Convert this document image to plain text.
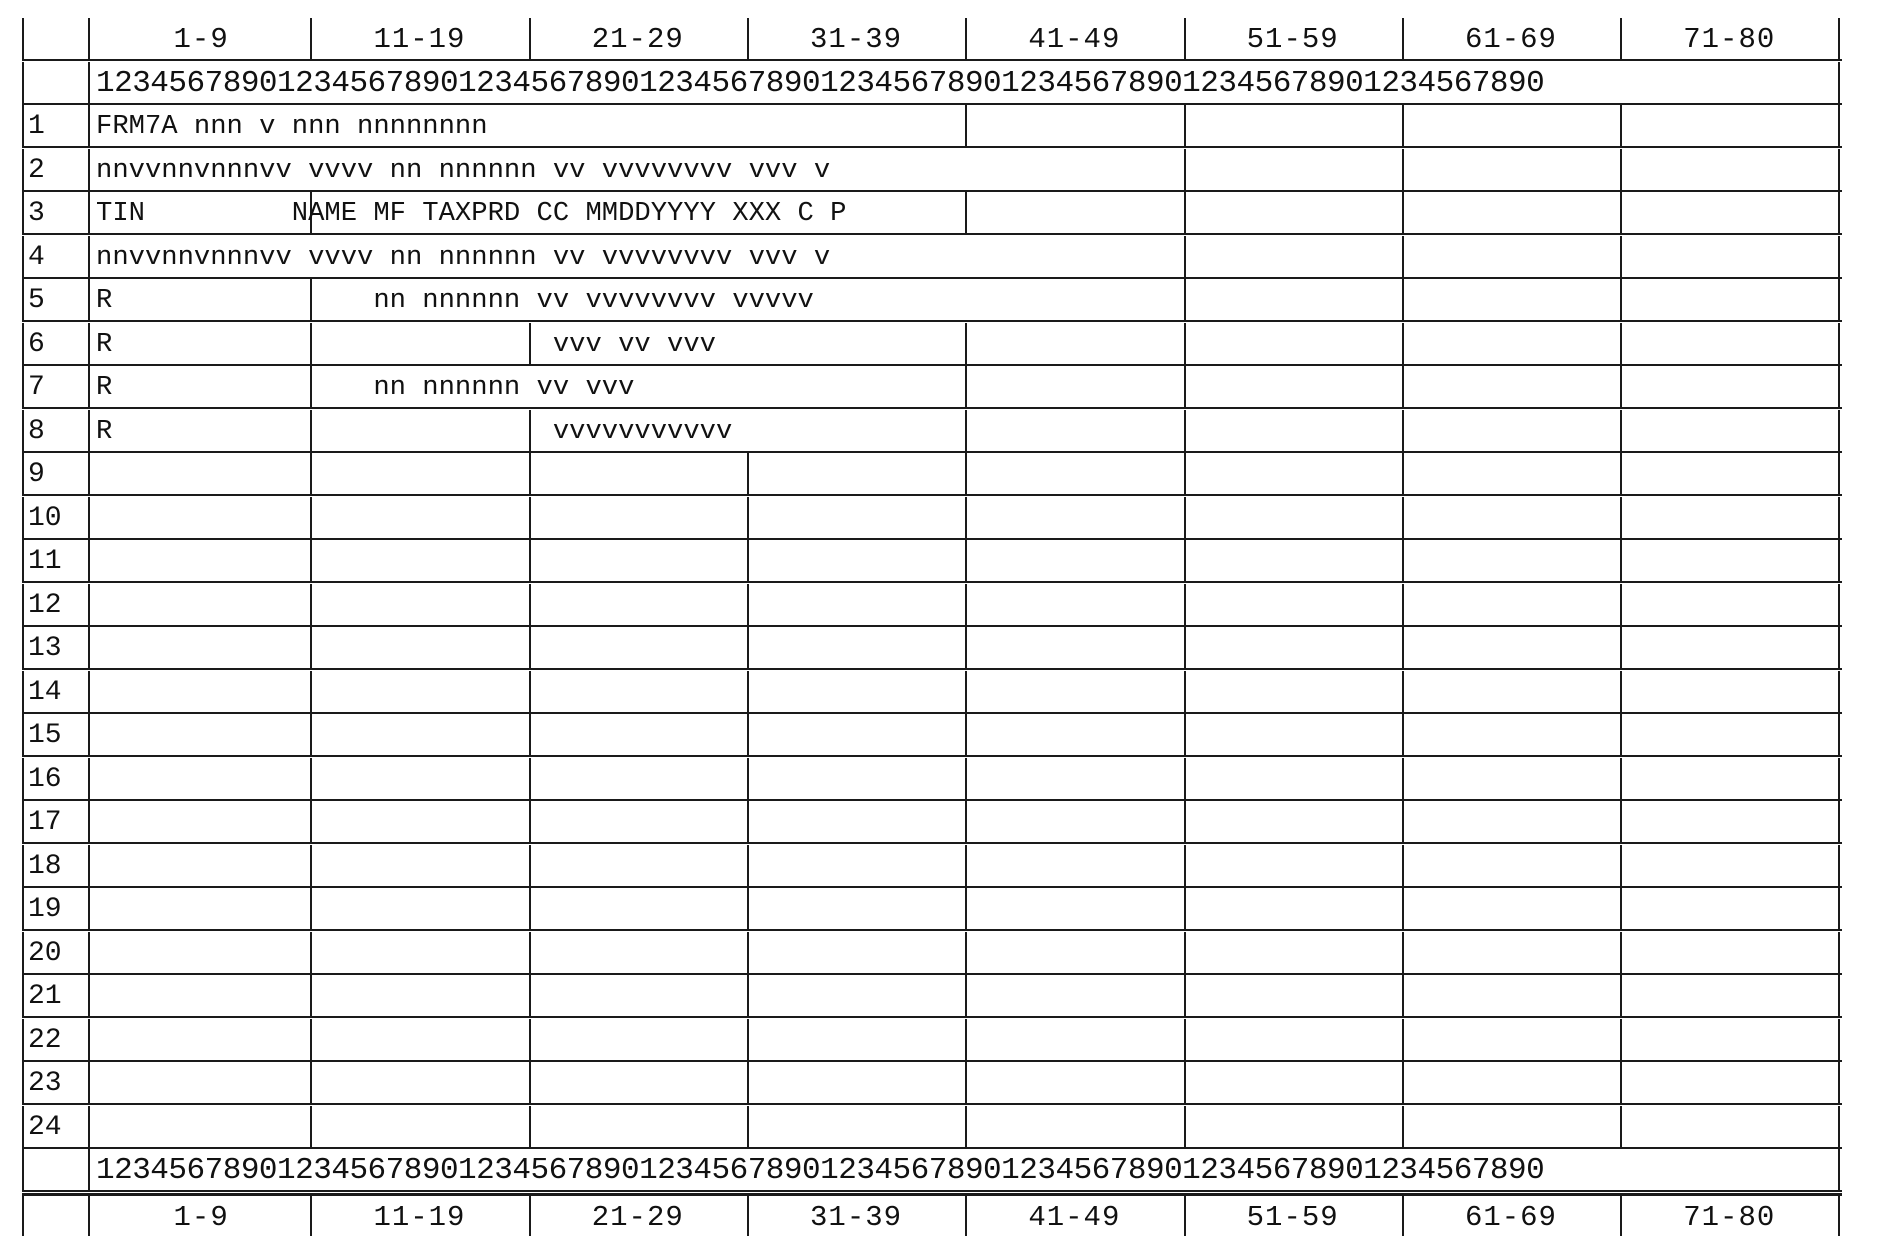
1-9	11-19	21-29	31-39	41-49	51-59	61-69	71-80
12345678901234567890123456789012345678901234567890123456789012345678901234567890
1	FRM7A nnn v nnn nnnnnnnn
2	nnvvnnvnnnvv vvvv nn nnnnnn vv vvvvvvvv vvv v
3	TIN         NAME MF TAXPRD CC MMDDYYYY XXX C P
4	nnvvnnvnnnvv vvvv nn nnnnnn vv vvvvvvvv vvv v
5	R                nn nnnnnn vv vvvvvvvv vvvvv
6	R                           vvv vv vvv
7	R                nn nnnnnn vv vvv
8	R                           vvvvvvvvvvv
9
10
11
12
13
14
15
16
17
18
19
20
21
22
23
24
12345678901234567890123456789012345678901234567890123456789012345678901234567890
1-9	11-19	21-29	31-39	41-49	51-59	61-69	71-80
